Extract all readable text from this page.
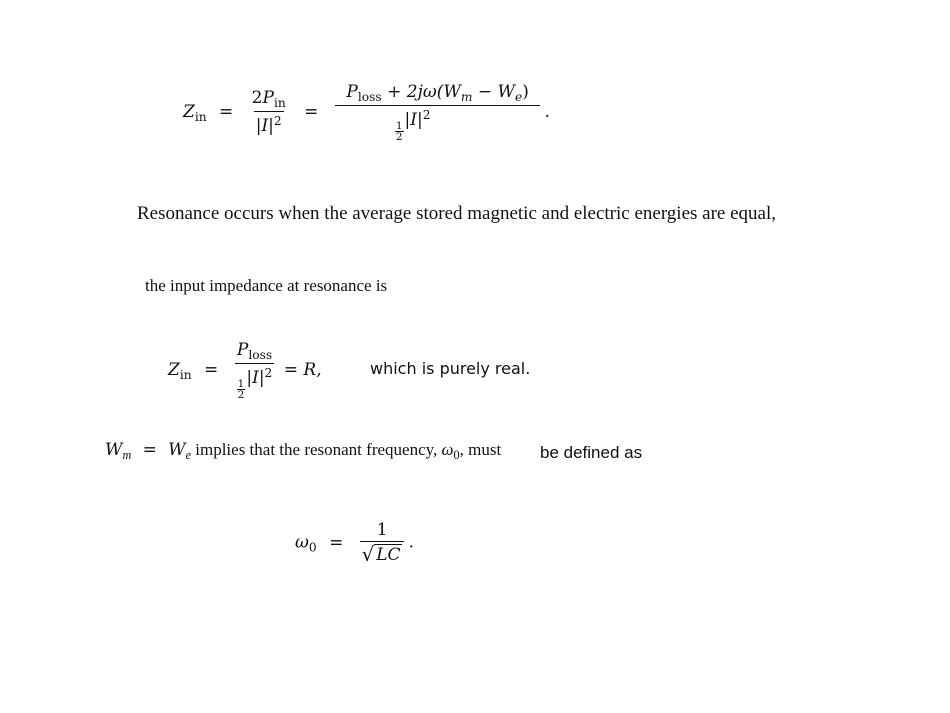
$Z_{in} = \frac{2P_{in}}{|I|^2} = P_{loss} + 2j\omega(W_m - W_e)$
$\frac{1}{2}$
$|I|^2$ .
Resonance occurs when the average stored magnetic and electric energies are equal,
the input impedance at resonance is
$Z_{in} = P_{loss}$
$\frac{1}{2}$
$|I|^2 = R$,	which is purely real.
$W_m = W_e$ implies that the resonant frequency, $\omega_0$, must be defined as
$\omega_0 = \frac{1}{√ LC}$ .
